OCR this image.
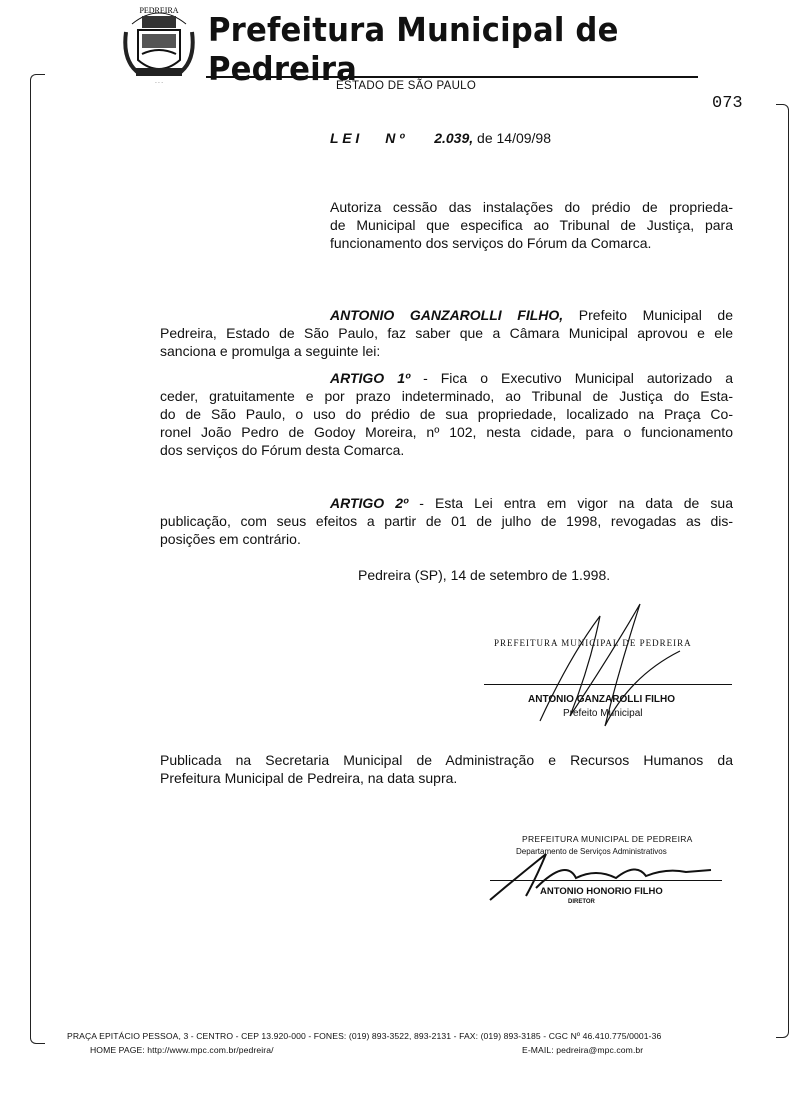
PEDREIRA
· · ·
Prefeitura Municipal de Pedreira
ESTADO DE SÃO PAULO
073
L E I N º 2.039, de 14/09/98
Autoriza cessão das instalações do prédio de proprieda-
de Municipal que especifica ao Tribunal de Justiça, para
funcionamento dos serviços do Fórum da Comarca.
ANTONIO GANZAROLLI FILHO, Prefeito Municipal de
Pedreira, Estado de São Paulo, faz saber que a Câmara Municipal aprovou e ele
sanciona e promulga a seguinte lei:
ARTIGO 1º - Fica o Executivo Municipal autorizado a
ceder, gratuitamente e por prazo indeterminado, ao Tribunal de Justiça do Esta-
do de São Paulo, o uso do prédio de sua propriedade, localizado na Praça Co-
ronel João Pedro de Godoy Moreira, nº 102, nesta cidade, para o funcionamento
dos serviços do Fórum desta Comarca.
ARTIGO 2º - Esta Lei entra em vigor na data de sua
publicação, com seus efeitos a partir de 01 de julho de 1998, revogadas as dis-
posições em contrário.
Pedreira (SP), 14 de setembro de 1.998.
PREFEITURA MUNICIPAL DE PEDREIRA
ANTONIO GANZAROLLI FILHO
Prefeito Municipal
Publicada na Secretaria Municipal de Administração e Recursos Humanos da
Prefeitura Municipal de Pedreira, na data supra.
PREFEITURA MUNICIPAL DE PEDREIRA
Departamento de Serviços Administrativos
ANTONIO HONORIO FILHO
DIRETOR
PRAÇA EPITÁCIO PESSOA, 3 - CENTRO - CEP 13.920-000 - FONES: (019) 893-3522, 893-2131 - FAX: (019) 893-3185 - CGC Nº 46.410.775/0001-36
HOME PAGE: http://www.mpc.com.br/pedreira/	E-MAIL: pedreira@mpc.com.br
